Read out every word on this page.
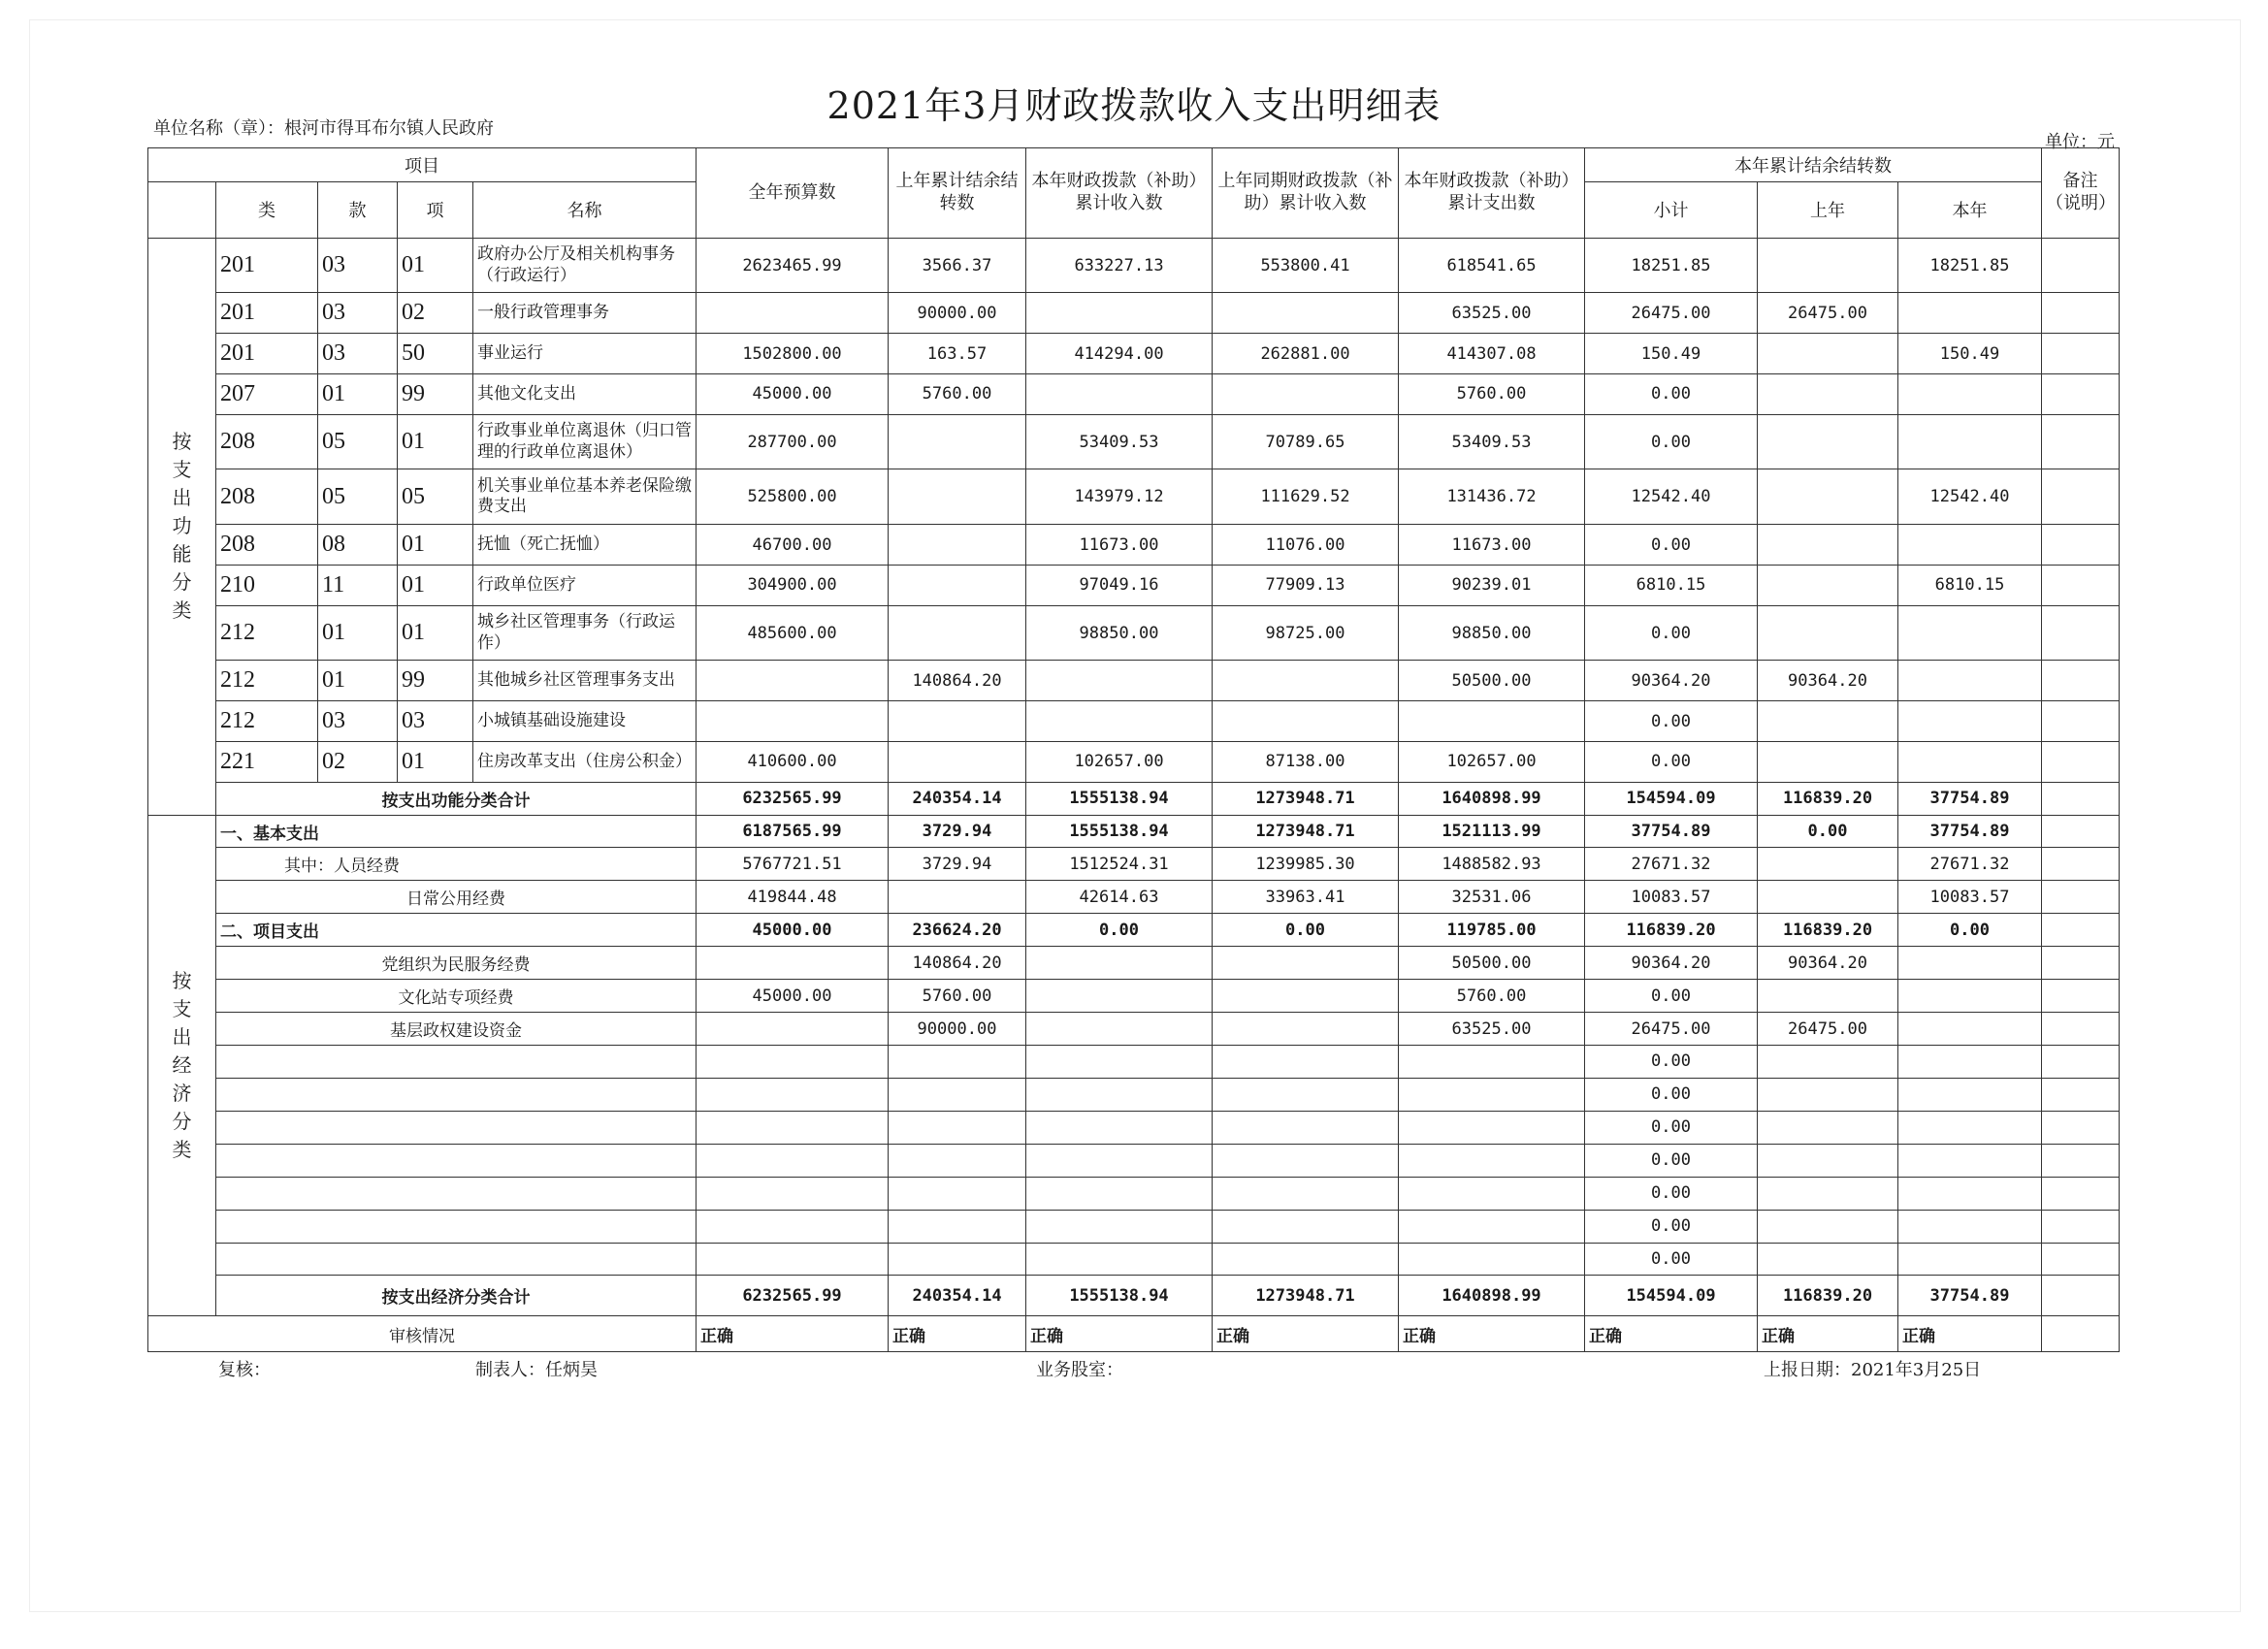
2021年3月财政拨款收入支出明细表
单位名称（章）：根河市得耳布尔镇人民政府
单位：元
项目					全年预算数	上年累计结余结转数	本年财政拨款（补助）累计收入数	上年同期财政拨款（补助）累计收入数	本年财政拨款（补助）累计支出数	本年累计结余结转数			备注（说明）
	类	款	项	名称						小计	上年	本年	
按支出功能分类	201	03	01	政府办公厅及相关机构事务（行政运行）	2623465.99	3566.37	633227.13	553800.41	618541.65	18251.85		18251.85	
	201	03	02	一般行政管理事务		90000.00			63525.00	26475.00	26475.00		
	201	03	50	事业运行	1502800.00	163.57	414294.00	262881.00	414307.08	150.49		150.49	
	207	01	99	其他文化支出	45000.00	5760.00			5760.00	0.00			
	208	05	01	行政事业单位离退休（归口管理的行政单位离退休）	287700.00		53409.53	70789.65	53409.53	0.00			
	208	05	05	机关事业单位基本养老保险缴费支出	525800.00		143979.12	111629.52	131436.72	12542.40		12542.40	
	208	08	01	抚恤（死亡抚恤）	46700.00		11673.00	11076.00	11673.00	0.00			
	210	11	01	行政单位医疗	304900.00		97049.16	77909.13	90239.01	6810.15		6810.15	
	212	01	01	城乡社区管理事务（行政运作）	485600.00		98850.00	98725.00	98850.00	0.00			
	212	01	99	其他城乡社区管理事务支出		140864.20			50500.00	90364.20	90364.20		
	212	03	03	小城镇基础设施建设						0.00			
	221	02	01	住房改革支出（住房公积金）	410600.00		102657.00	87138.00	102657.00	0.00			
	按支出功能分类合计				6232565.99	240354.14	1555138.94	1273948.71	1640898.99	154594.09	116839.20	37754.89	
按支出经济分类	一、基本支出				6187565.99	3729.94	1555138.94	1273948.71	1521113.99	37754.89	0.00	37754.89	
	其中：人员经费				5767721.51	3729.94	1512524.31	1239985.30	1488582.93	27671.32		27671.32	
	日常公用经费				419844.48		42614.63	33963.41	32531.06	10083.57		10083.57	
	二、项目支出				45000.00	236624.20	0.00	0.00	119785.00	116839.20	116839.20	0.00	
	党组织为民服务经费					140864.20			50500.00	90364.20	90364.20		
	文化站专项经费				45000.00	5760.00			5760.00	0.00			
	基层政权建设资金					90000.00			63525.00	26475.00	26475.00		
										0.00			
										0.00			
										0.00			
										0.00			
										0.00			
										0.00			
										0.00			
	按支出经济分类合计				6232565.99	240354.14	1555138.94	1273948.71	1640898.99	154594.09	116839.20	37754.89	
审核情况					正确	正确	正确	正确	正确	正确	正确	正确	
复核：	制表人：任炳昊	业务股室：	上报日期：2021年3月25日
